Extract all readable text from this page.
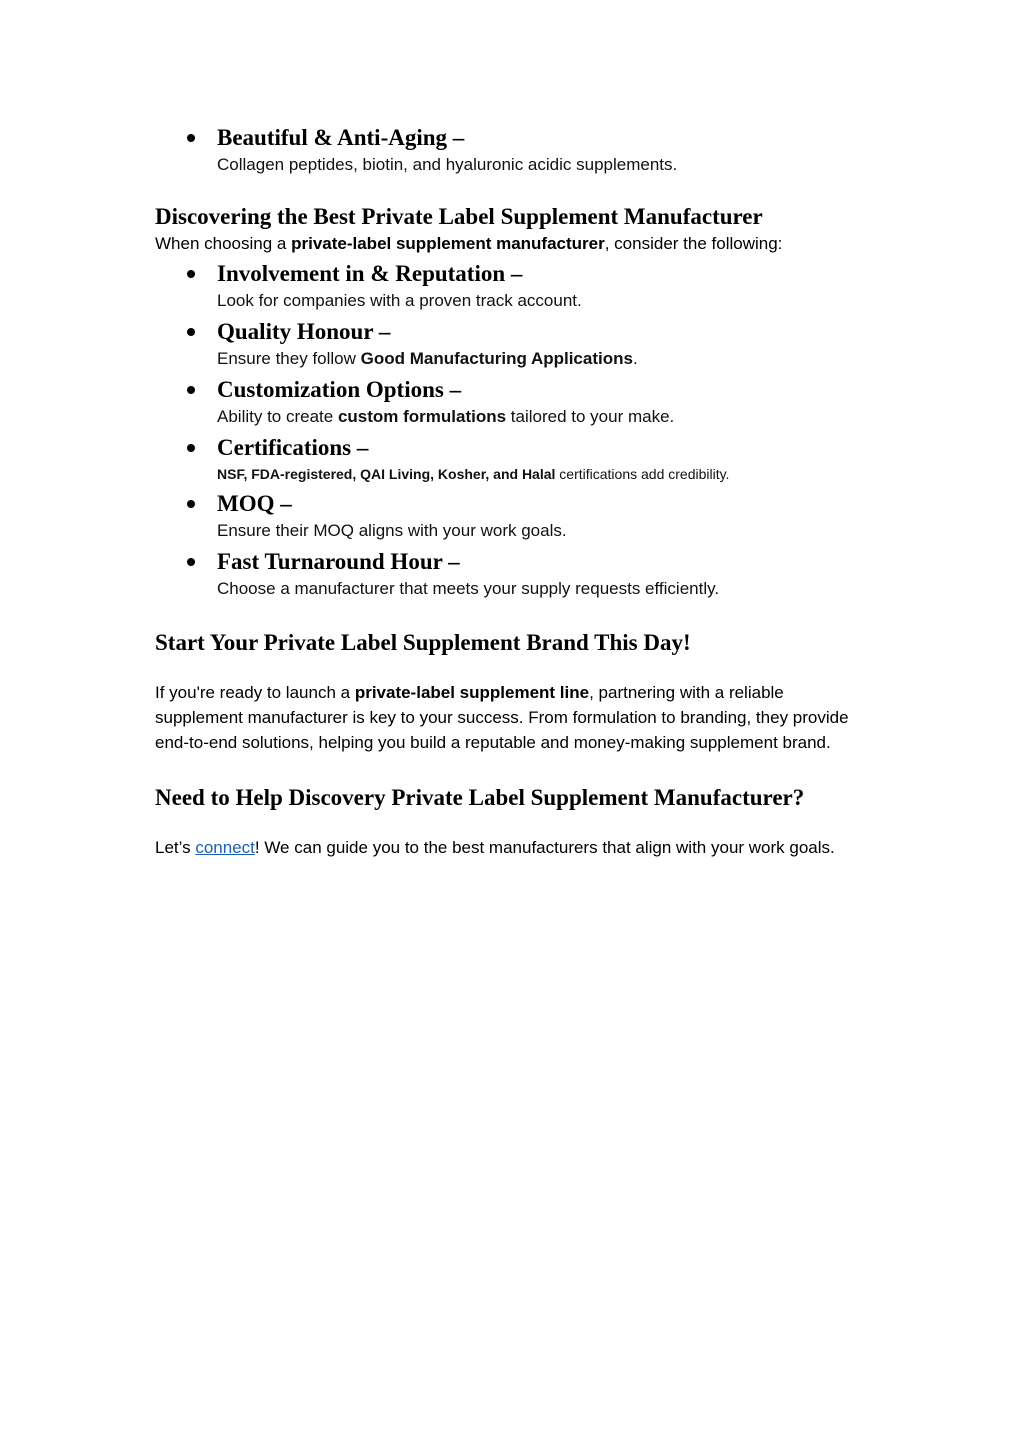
Beautiful & Anti-Aging –
Collagen peptides, biotin, and hyaluronic acidic supplements.
Discovering the Best Private Label Supplement Manufacturer

When choosing a private-label supplement manufacturer, consider the following:

Involvement in & Reputation –
Look for companies with a proven track account.
Quality Honour –
Ensure they follow Good Manufacturing Applications.
Customization Options –
Ability to create custom formulations tailored to your make.
Certifications –
NSF, FDA-registered, QAI Living, Kosher, and Halal certifications add credibility.
MOQ –
Ensure their MOQ aligns with your work goals.
Fast Turnaround Hour –
Choose a manufacturer that meets your supply requests efficiently.
Start Your Private Label Supplement Brand This Day!

If you're ready to launch a private-label supplement line, partnering with a reliable supplement manufacturer is key to your success. From formulation to branding, they provide end-to-end solutions, helping you build a reputable and money-making supplement brand.

Need to Help Discovery Private Label Supplement Manufacturer?

Let’s connect! We can guide you to the best manufacturers that align with your work goals.
